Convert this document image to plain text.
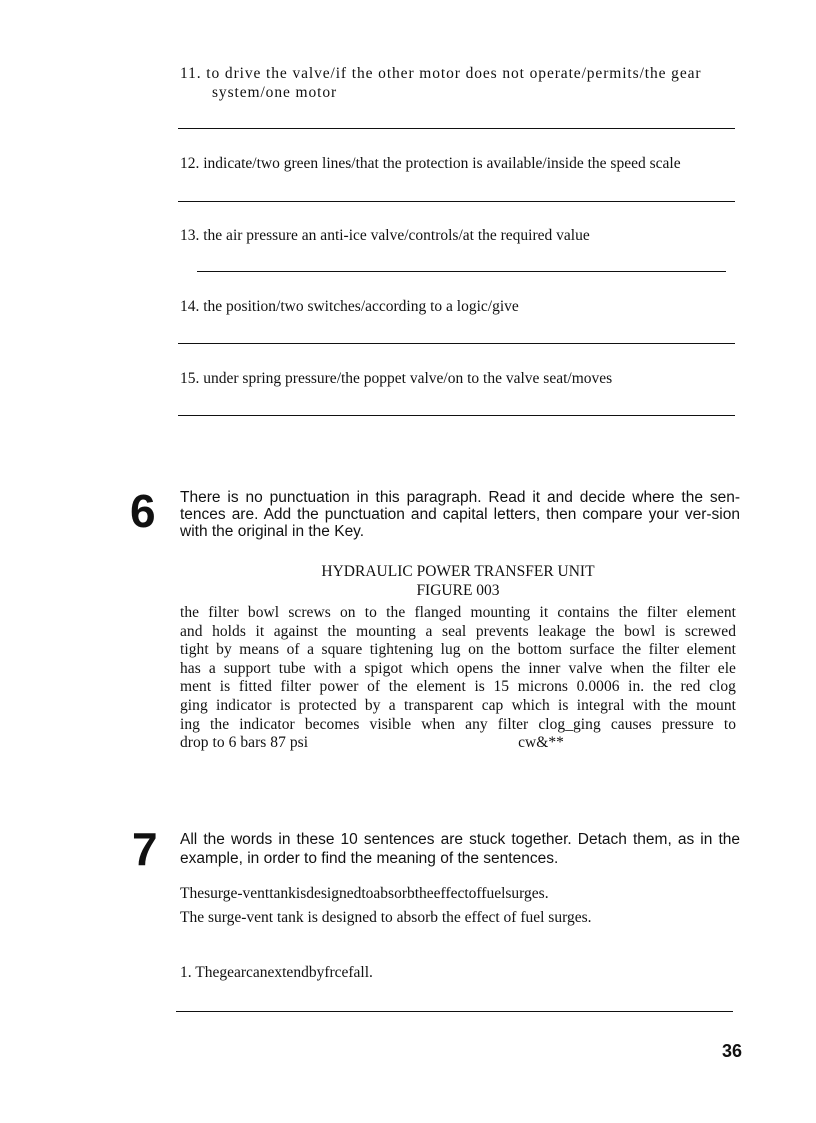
11. to drive the valve/if the other motor does not operate/permits/the gear system/one motor
12. indicate/two green lines/that the protection is available/inside the speed scale
13. the air pressure an anti-ice valve/controls/at the required value
14. the position/two switches/according to a logic/give
15. under spring pressure/the poppet valve/on to the valve seat/moves
6 There is no punctuation in this paragraph. Read it and decide where the sen-tences are. Add the punctuation and capital letters, then compare your ver-sion with the original in the Key.
HYDRAULIC POWER TRANSFER UNIT
FIGURE 003
the filter bowl screws on to the flanged mounting it contains the filter element
and holds it against the mounting a seal prevents leakage the bowl is screwed
tight by means of a square tightening lug on the bottom surface the filter element
has a support tube with a spigot which opens the inner valve when the filter ele
ment is fitted filter power of the element is 15 microns 0.0006 in. the red clog
ging indicator is protected by a transparent cap which is integral with the mount
ing the indicator becomes visible when any filter clog_ging causes pressure to
drop to 6 bars 87 psi	cw&**
7 All the words in these 10 sentences are stuck together. Detach them, as in the example, in order to find the meaning of the sentences.
Thesurge-venttankisdesignedtoabsorbtheeffectoffuelsurges.
The surge-vent tank is designed to absorb the effect of fuel surges.
1. Thegearcanextendbyfrcefall.
36
